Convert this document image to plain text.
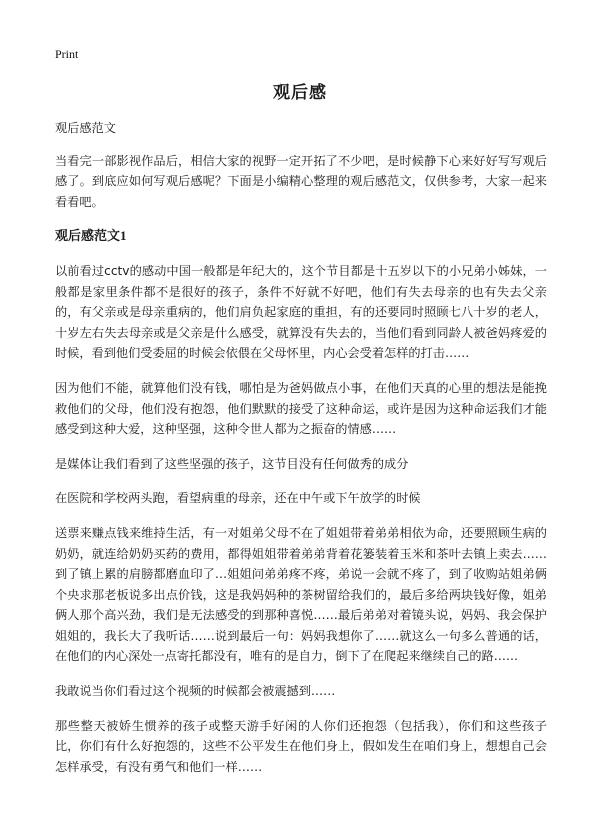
Print
观后感

观后感范文

当看完一部影视作品后，相信大家的视野一定开拓了不少吧，是时候静下心来好好写写观后感了。到底应如何写观后感呢？下面是小编精心整理的观后感范文，仅供参考，大家一起来看看吧。

观后感范文1

以前看过cctv的感动中国一般都是年纪大的，这个节目都是十五岁以下的小兄弟小姊妹，一般都是家里条件都不是很好的孩子，条件不好就不好吧，他们有失去母亲的也有失去父亲的，有父亲或是母亲重病的，他们肩负起家庭的重担，有的还要同时照顾七八十岁的老人，十岁左右失去母亲或是父亲是什么感受，就算没有失去的，当他们看到同龄人被爸妈疼爱的时候，看到他们受委屈的时候会依偎在父母怀里，内心会受着怎样的打击……

因为他们不能，就算他们没有钱，哪怕是为爸妈做点小事，在他们天真的心里的想法是能挽救他们的父母，他们没有抱怨，他们默默的接受了这种命运，或许是因为这种命运我们才能感受到这种大爱，这种坚强，这种令世人都为之振奋的情感……

是媒体让我们看到了这些坚强的孩子，这节目没有任何做秀的成分

在医院和学校两头跑，看望病重的母亲，还在中午或下午放学的时候

送票来赚点钱来维持生活，有一对姐弟父母不在了姐姐带着弟弟相依为命，还要照顾生病的奶奶，就连给奶奶买药的费用，都得姐姐带着弟弟背着花篓装着玉米和茶叶去镇上卖去……到了镇上累的肩膀都磨血印了…姐姐问弟弟疼不疼，弟说一会就不疼了，到了收购站姐弟俩个央求那老板说多出点价钱，这是我妈妈种的茶树留给我们的，最后多给两块钱好像，姐弟俩人那个高兴劲，我们是无法感受的到那种喜悦……最后弟弟对着镜头说，妈妈、我会保护姐姐的，我长大了我听话……说到最后一句：妈妈我想你了……就这么一句多么普通的话，在他们的内心深处一点寄托都没有，唯有的是自力，倒下了在爬起来继续自己的路……

我敢说当你们看过这个视频的时候都会被震撼到……

那些整天被娇生惯养的孩子或整天游手好闲的人你们还抱怨（包括我），你们和这些孩子比，你们有什么好抱怨的，这些不公平发生在他们身上，假如发生在咱们身上，想想自己会怎样承受，有没有勇气和他们一样……
